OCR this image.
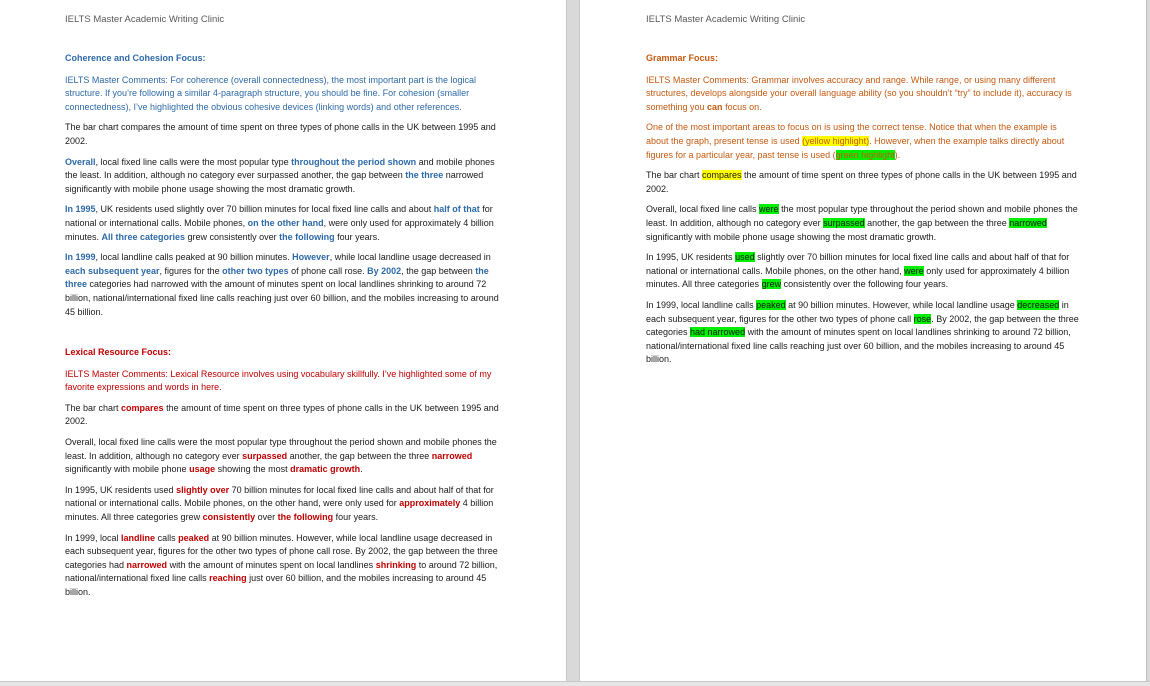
IELTS Master Academic Writing Clinic

Coherence and Cohesion Focus:

IELTS Master Comments: For coherence (overall connectedness), the most important part is the logical structure. If you’re following a similar 4-paragraph structure, you should be fine. For cohesion (smaller connectedness), I’ve highlighted the obvious cohesive devices (linking words) and other references.

The bar chart compares the amount of time spent on three types of phone calls in the UK between 1995 and 2002.

Overall, local fixed line calls were the most popular type throughout the period shown and mobile phones the least. In addition, although no category ever surpassed another, the gap between the three narrowed significantly with mobile phone usage showing the most dramatic growth.

In 1995, UK residents used slightly over 70 billion minutes for local fixed line calls and about half of that for national or international calls. Mobile phones, on the other hand, were only used for approximately 4 billion minutes. All three categories grew consistently over the following four years.

In 1999, local landline calls peaked at 90 billion minutes. However, while local landline usage decreased in each subsequent year, figures for the other two types of phone call rose. By 2002, the gap between the three categories had narrowed with the amount of minutes spent on local landlines shrinking to around 72 billion, national/international fixed line calls reaching just over 60 billion, and the mobiles increasing to around 45 billion.

Lexical Resource Focus:

IELTS Master Comments: Lexical Resource involves using vocabulary skillfully. I’ve highlighted some of my favorite expressions and words in here.

The bar chart compares the amount of time spent on three types of phone calls in the UK between 1995 and 2002.

Overall, local fixed line calls were the most popular type throughout the period shown and mobile phones the least. In addition, although no category ever surpassed another, the gap between the three narrowed significantly with mobile phone usage showing the most dramatic growth.

In 1995, UK residents used slightly over 70 billion minutes for local fixed line calls and about half of that for national or international calls. Mobile phones, on the other hand, were only used for approximately 4 billion minutes. All three categories grew consistently over the following four years.

In 1999, local landline calls peaked at 90 billion minutes. However, while local landline usage decreased in each subsequent year, figures for the other two types of phone call rose. By 2002, the gap between the three categories had narrowed with the amount of minutes spent on local landlines shrinking to around 72 billion, national/international fixed line calls reaching just over 60 billion, and the mobiles increasing to around 45 billion.

IELTS Master Academic Writing Clinic

Grammar Focus:

IELTS Master Comments: Grammar involves accuracy and range. While range, or using many different structures, develops alongside your overall language ability (so you shouldn’t “try” to include it), accuracy is something you can focus on.

One of the most important areas to focus on is using the correct tense. Notice that when the example is about the graph, present tense is used (yellow highlight). However, when the example talks directly about figures for a particular year, past tense is used (green highlight).

The bar chart compares the amount of time spent on three types of phone calls in the UK between 1995 and 2002.

Overall, local fixed line calls were the most popular type throughout the period shown and mobile phones the least. In addition, although no category ever surpassed another, the gap between the three narrowed significantly with mobile phone usage showing the most dramatic growth.

In 1995, UK residents used slightly over 70 billion minutes for local fixed line calls and about half of that for national or international calls. Mobile phones, on the other hand, were only used for approximately 4 billion minutes. All three categories grew consistently over the following four years.

In 1999, local landline calls peaked at 90 billion minutes. However, while local landline usage decreased in each subsequent year, figures for the other two types of phone call rose. By 2002, the gap between the three categories had narrowed with the amount of minutes spent on local landlines shrinking to around 72 billion, national/international fixed line calls reaching just over 60 billion, and the mobiles increasing to around 45 billion.
